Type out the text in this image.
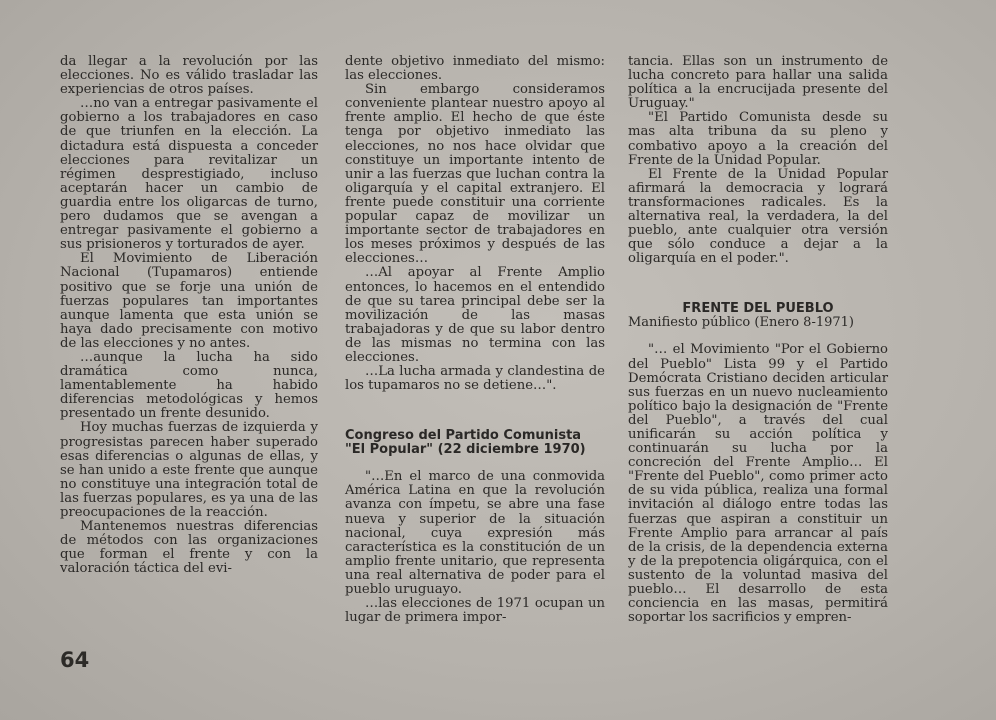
da llegar a la revolución por las elecciones. No es válido trasladar las experiencias de otros países.

…no van a entregar pasivamente el gobierno a los trabajadores en caso de que triunfen en la elección. La dictadura está dispuesta a conceder elecciones para revitalizar un régimen desprestigiado, incluso aceptarán hacer un cambio de guardia entre los oligarcas de turno, pero dudamos que se avengan a entregar pasivamente el gobierno a sus prisioneros y torturados de ayer.

El Movimiento de Liberación Nacional (Tupamaros) entiende positivo que se forje una unión de fuerzas populares tan importantes aunque lamenta que esta unión se haya dado precisamente con motivo de las elecciones y no antes.

…aunque la lucha ha sido dramática como nunca, lamentablemente ha habido diferencias metodológicas y hemos presentado un frente desunido.

Hoy muchas fuerzas de izquierda y progresistas parecen haber superado esas diferencias o algunas de ellas, y se han unido a este frente que aunque no constituye una integración total de las fuerzas populares, es ya una de las preocupaciones de la reacción.

Mantenemos nuestras diferencias de métodos con las organizaciones que forman el frente y con la valoración táctica del evi-

dente objetivo inmediato del mismo: las elecciones.

Sin embargo consideramos conveniente plantear nuestro apoyo al frente amplio. El hecho de que éste tenga por objetivo inmediato las elecciones, no nos hace olvidar que constituye un importante intento de unir a las fuerzas que luchan contra la oligarquía y el capital extranjero. El frente puede constituir una corriente popular capaz de movilizar un importante sector de trabajadores en los meses próximos y después de las elecciones…

…Al apoyar al Frente Amplio entonces, lo hacemos en el entendido de que su tarea principal debe ser la movilización de las masas trabajadoras y de que su labor dentro de las mismas no termina con las elecciones.

…La lucha armada y clandestina de los tupamaros no se detiene…".

Congreso del Partido Comunista
"El Popular" (22 diciembre 1970)

"…En el marco de una conmovida América Latina en que la revolución avanza con ímpetu, se abre una fase nueva y superior de la situación nacional, cuya expresión más característica es la constitución de un amplio frente unitario, que representa una real alternativa de poder para el pueblo uruguayo.

…las elecciones de 1971 ocupan un lugar de primera impor-

tancia. Ellas son un instrumento de lucha concreto para hallar una salida política a la encrucijada presente del Uruguay."

"El Partido Comunista desde su mas alta tribuna da su pleno y combativo apoyo a la creación del Frente de la Unidad Popular.

El Frente de la Unidad Popular afirmará la democracia y logrará transformaciones radicales. Es la alternativa real, la verdadera, la del pueblo, ante cualquier otra versión que sólo conduce a dejar a la oligarquía en el poder.".

FRENTE DEL PUEBLO
Manifiesto público (Enero 8-1971)

"… el Movimiento "Por el Gobierno del Pueblo" Lista 99 y el Partido Demócrata Cristiano deciden articular sus fuerzas en un nuevo nucleamiento político bajo la designación de "Frente del Pueblo", a través del cual unificarán su acción política y continuarán su lucha por la concreción del Frente Amplio… El "Frente del Pueblo", como primer acto de su vida pública, realiza una formal invitación al diálogo entre todas las fuerzas que aspiran a constituir un Frente Amplio para arrancar al país de la crisis, de la dependencia externa y de la prepotencia oligárquica, con el sustento de la voluntad masiva del pueblo… El desarrollo de esta conciencia en las masas, permitirá soportar los sacrificios y empren-

64
